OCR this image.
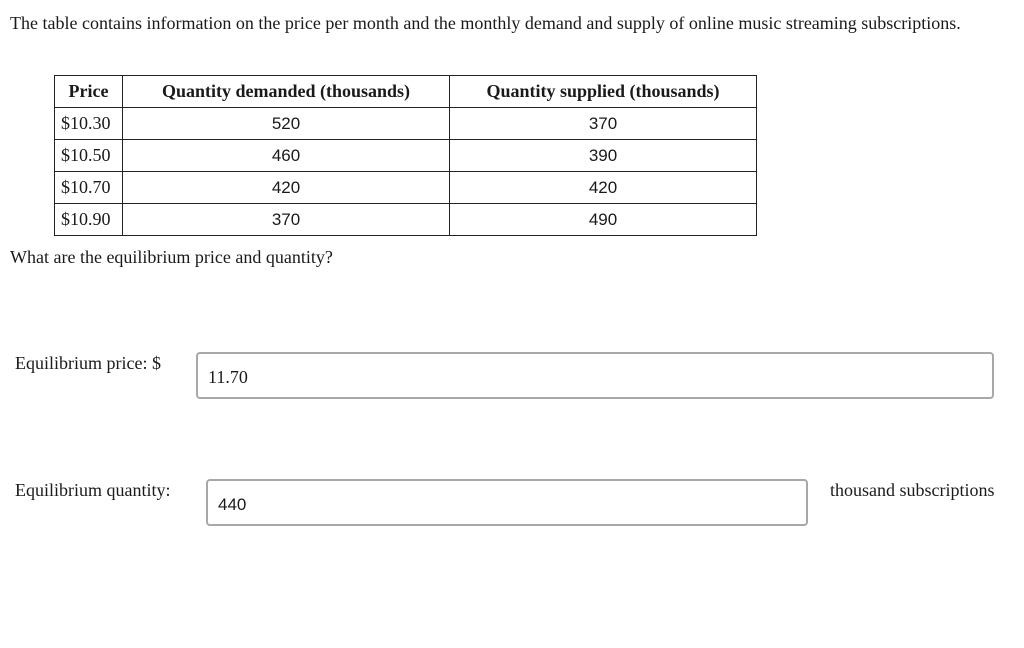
The table contains information on the price per month and the monthly demand and supply of online music streaming subscriptions.
Price	Quantity demanded (thousands)	Quantity supplied (thousands)
$10.30	520	370
$10.50	460	390
$10.70	420	420
$10.90	370	490
What are the equilibrium price and quantity?
Equilibrium price: $
11.70
Equilibrium quantity:
440
thousand subscriptions
